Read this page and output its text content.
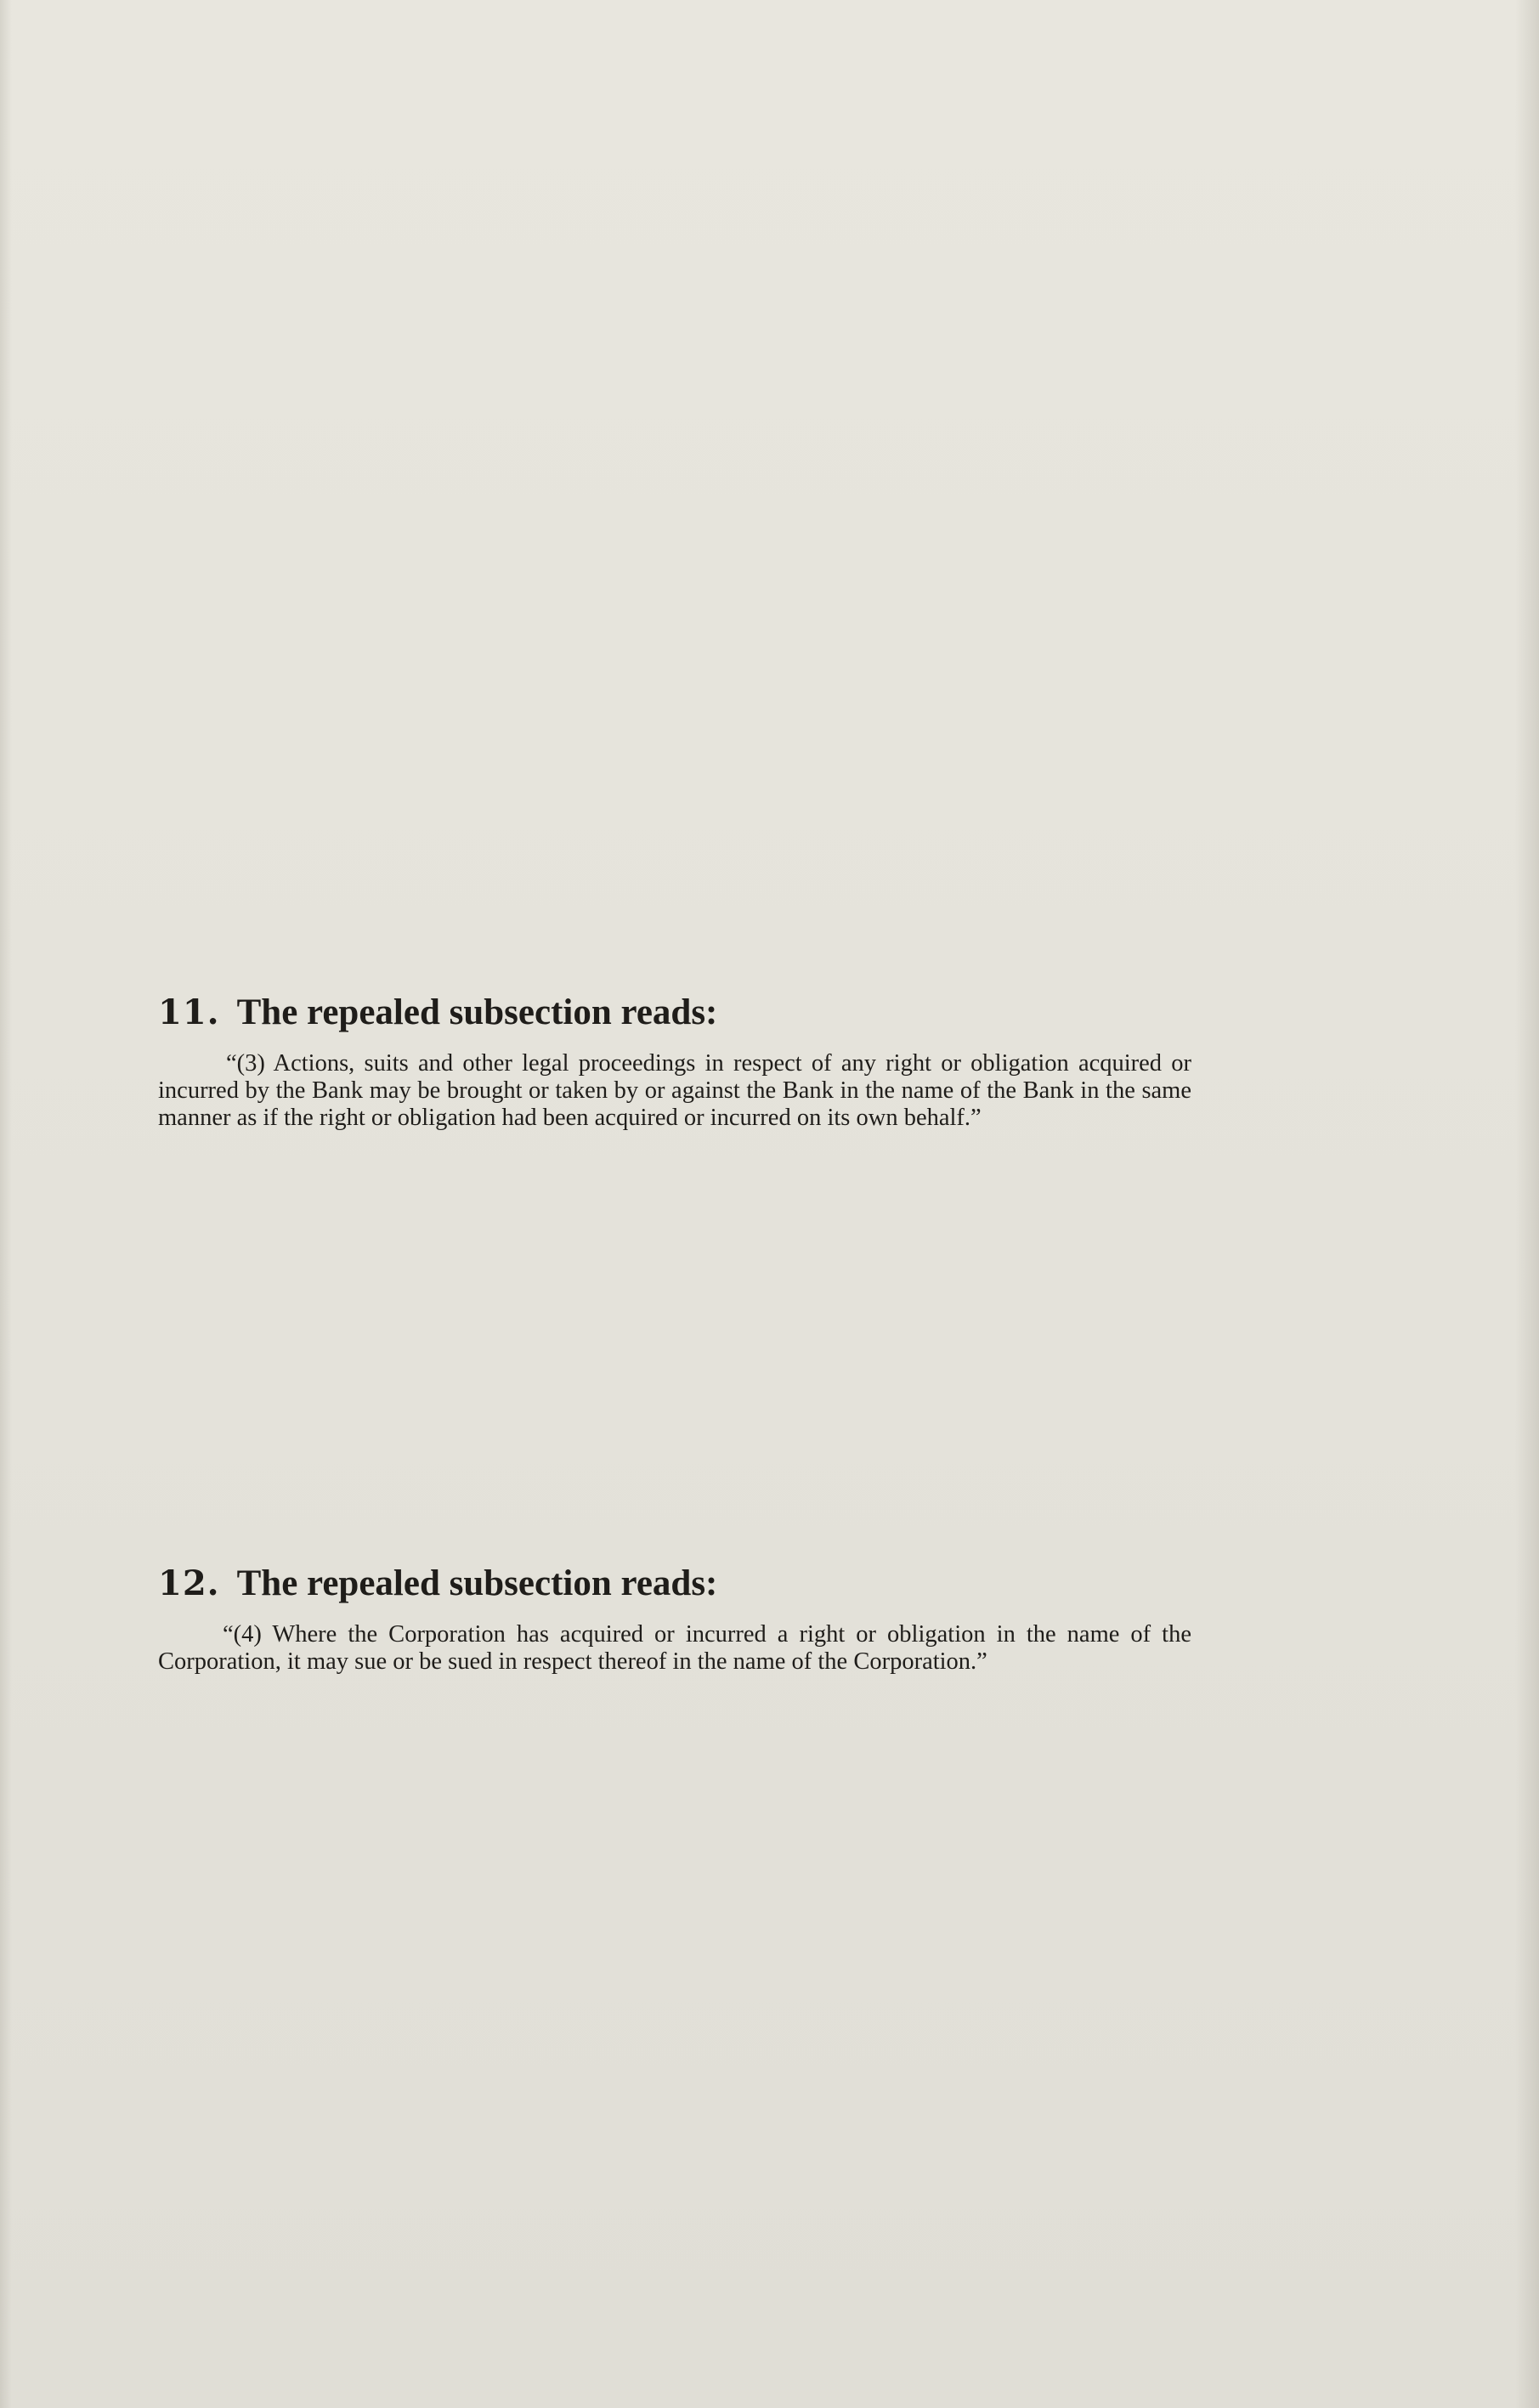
11. The repealed subsection reads:

“(3) Actions, suits and other legal proceedings in respect of any right or obligation acquired or incurred by the Bank may be brought or taken by or against the Bank in the name of the Bank in the same manner as if the right or obligation had been acquired or incurred on its own behalf.”

12. The repealed subsection reads:

“(4) Where the Corporation has acquired or incurred a right or obligation in the name of the Corporation, it may sue or be sued in respect thereof in the name of the Corporation.”
